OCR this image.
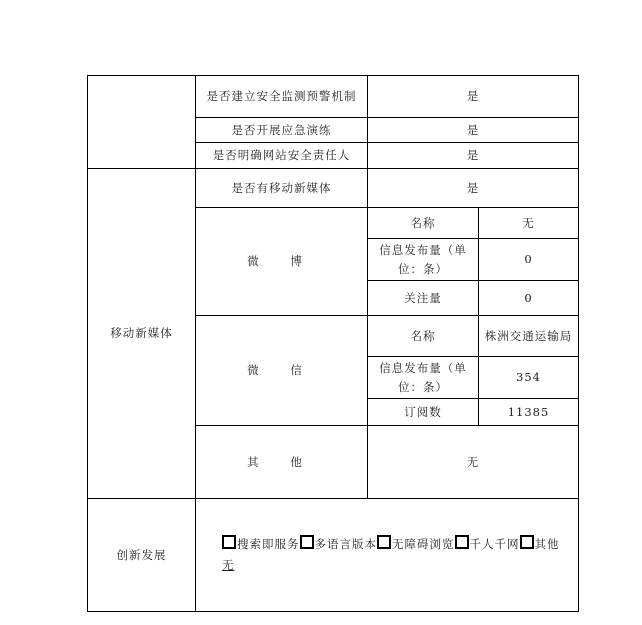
	是否建立安全监测预警机制	是	
	是否开展应急演练	是	
	是否明确网站安全责任人	是	
移动新媒体	是否有移动新媒体	是	
	微 博	名称	无
		信息发布量（单位：条）	0
		关注量	0
	微 信	名称	株洲交通运输局
		信息发布量（单位：条）	354
		订阅数	11385
	其 他	无	
创新发展	搜索即服务 多语言版本 无障碍浏览 千人千网 其他
无		
